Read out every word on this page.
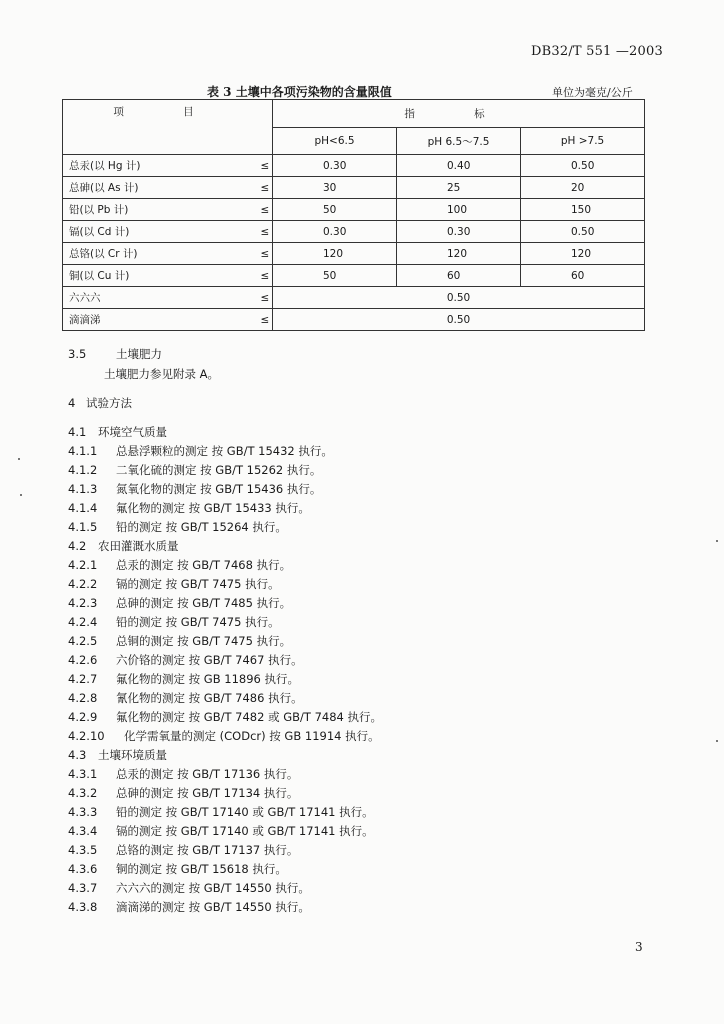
DB32/T 551 —2003
表 3 土壤中各项污染物的含量限值	单位为毫克/公斤
项 目		指 标		
		pH<6.5	pH 6.5～7.5	pH >7.5
总汞(以 Hg 计)	≤	0.30	0.40	0.50
总砷(以 As 计)	≤	30	25	20
铅(以 Pb 计)	≤	50	100	150
镉(以 Cd 计)	≤	0.30	0.30	0.50
总铬(以 Cr 计)	≤	120	120	120
铜(以 Cu 计)	≤	50	60	60
六六六	≤	0.50		
滴滴涕	≤	0.50		
3.5	土壤肥力
土壤肥力参见附录 A。
4 试验方法
4.1 环境空气质量
4.1.1 总悬浮颗粒的测定 按 GB/T 15432 执行。
4.1.2 二氧化硫的测定 按 GB/T 15262 执行。
4.1.3 氮氧化物的测定 按 GB/T 15436 执行。
4.1.4 氟化物的测定 按 GB/T 15433 执行。
4.1.5 铅的测定 按 GB/T 15264 执行。
4.2 农田灌溉水质量
4.2.1 总汞的测定 按 GB/T 7468 执行。
4.2.2 镉的测定 按 GB/T 7475 执行。
4.2.3 总砷的测定 按 GB/T 7485 执行。
4.2.4 铅的测定 按 GB/T 7475 执行。
4.2.5 总铜的测定 按 GB/T 7475 执行。
4.2.6 六价铬的测定 按 GB/T 7467 执行。
4.2.7 氟化物的测定 按 GB 11896 执行。
4.2.8 氰化物的测定 按 GB/T 7486 执行。
4.2.9 氟化物的测定 按 GB/T 7482 或 GB/T 7484 执行。
4.2.10 化学需氧量的测定 (CODcr) 按 GB 11914 执行。
4.3 土壤环境质量
4.3.1 总汞的测定 按 GB/T 17136 执行。
4.3.2 总砷的测定 按 GB/T 17134 执行。
4.3.3 铅的测定 按 GB/T 17140 或 GB/T 17141 执行。
4.3.4 镉的测定 按 GB/T 17140 或 GB/T 17141 执行。
4.3.5 总铬的测定 按 GB/T 17137 执行。
4.3.6 铜的测定 按 GB/T 15618 执行。
4.3.7 六六六的测定 按 GB/T 14550 执行。
4.3.8 滴滴涕的测定 按 GB/T 14550 执行。
3
